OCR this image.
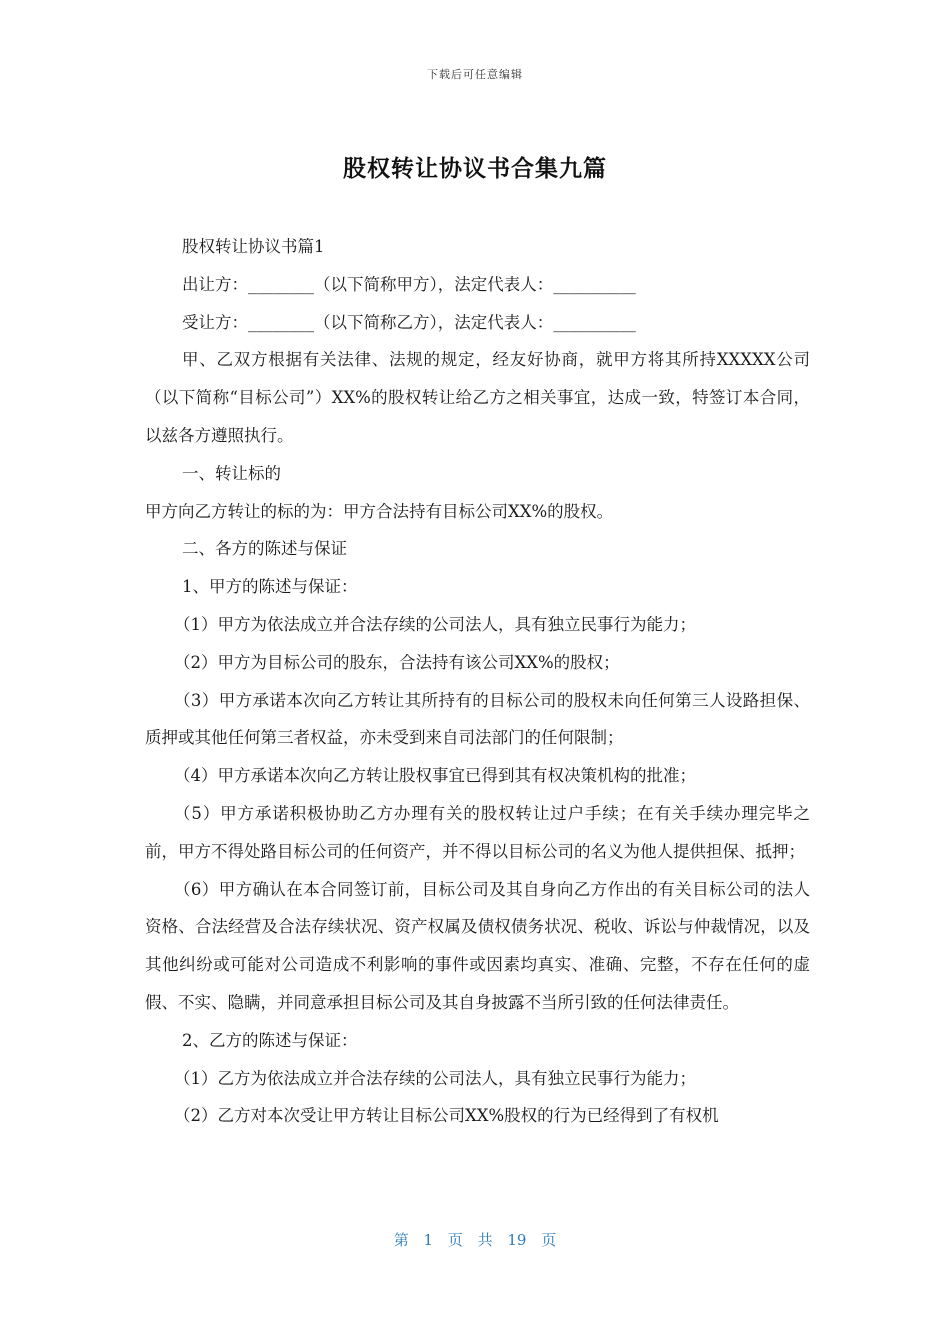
下载后可任意编辑
股权转让协议书合集九篇

股权转让协议书篇1

出让方：________（以下简称甲方），法定代表人：__________

受让方：________（以下简称乙方），法定代表人：__________

甲、乙双方根据有关法律、法规的规定，经友好协商，就甲方将其所持XXXXX公司（以下简称“目标公司”）XX%的股权转让给乙方之相关事宜，达成一致，特签订本合同，以兹各方遵照执行。

一、转让标的

甲方向乙方转让的标的为：甲方合法持有目标公司XX%的股权。

二、各方的陈述与保证

1、甲方的陈述与保证：

（1）甲方为依法成立并合法存续的公司法人，具有独立民事行为能力；

（2）甲方为目标公司的股东，合法持有该公司XX%的股权；

（3）甲方承诺本次向乙方转让其所持有的目标公司的股权未向任何第三人设路担保、质押或其他任何第三者权益，亦未受到来自司法部门的任何限制；

（4）甲方承诺本次向乙方转让股权事宜已得到其有权决策机构的批准；

（5）甲方承诺积极协助乙方办理有关的股权转让过户手续；在有关手续办理完毕之前，甲方不得处路目标公司的任何资产，并不得以目标公司的名义为他人提供担保、抵押；

（6）甲方确认在本合同签订前，目标公司及其自身向乙方作出的有关目标公司的法人资格、合法经营及合法存续状况、资产权属及债权债务状况、税收、诉讼与仲裁情况，以及其他纠纷或可能对公司造成不利影响的事件或因素均真实、准确、完整，不存在任何的虚假、不实、隐瞒，并同意承担目标公司及其自身披露不当所引致的任何法律责任。

2、乙方的陈述与保证：

（1）乙方为依法成立并合法存续的公司法人，具有独立民事行为能力；

（2）乙方对本次受让甲方转让目标公司XX%股权的行为已经得到了有权机

第 1 页 共 19 页
